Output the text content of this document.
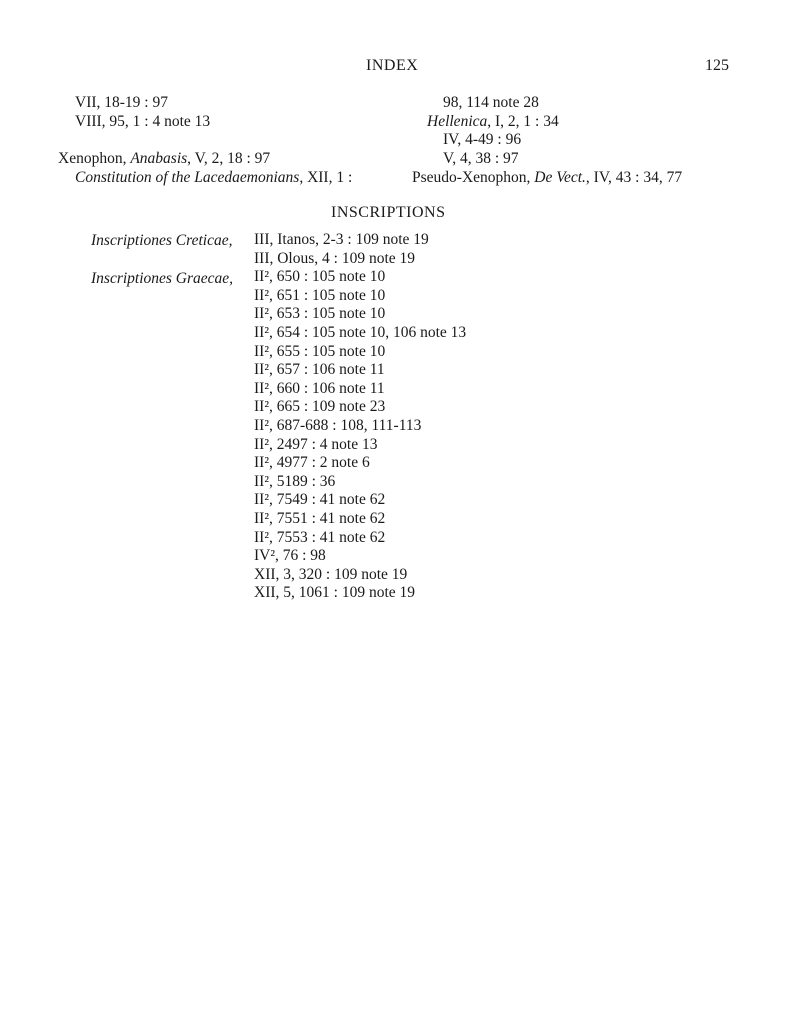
INDEX	125
VII, 18-19 : 97
VIII, 95, 1 : 4 note 13
Xenophon, Anabasis, V, 2, 18 : 97
Constitution of the Lacedaemonians, XII, 1 :
98, 114 note 28
Hellenica, I, 2, 1 : 34
IV, 4-49 : 96
V, 4, 38 : 97
Pseudo-Xenophon, De Vect., IV, 43 : 34, 77
INSCRIPTIONS
Inscriptiones Creticae,
Inscriptiones Graecae,
III, Itanos, 2-3 : 109 note 19
III, Olous, 4 : 109 note 19
II², 650 : 105 note 10
II², 651 : 105 note 10
II², 653 : 105 note 10
II², 654 : 105 note 10, 106 note 13
II², 655 : 105 note 10
II², 657 : 106 note 11
II², 660 : 106 note 11
II², 665 : 109 note 23
II², 687-688 : 108, 111-113
II², 2497 : 4 note 13
II², 4977 : 2 note 6
II², 5189 : 36
II², 7549 : 41 note 62
II², 7551 : 41 note 62
II², 7553 : 41 note 62
IV², 76 : 98
XII, 3, 320 : 109 note 19
XII, 5, 1061 : 109 note 19
